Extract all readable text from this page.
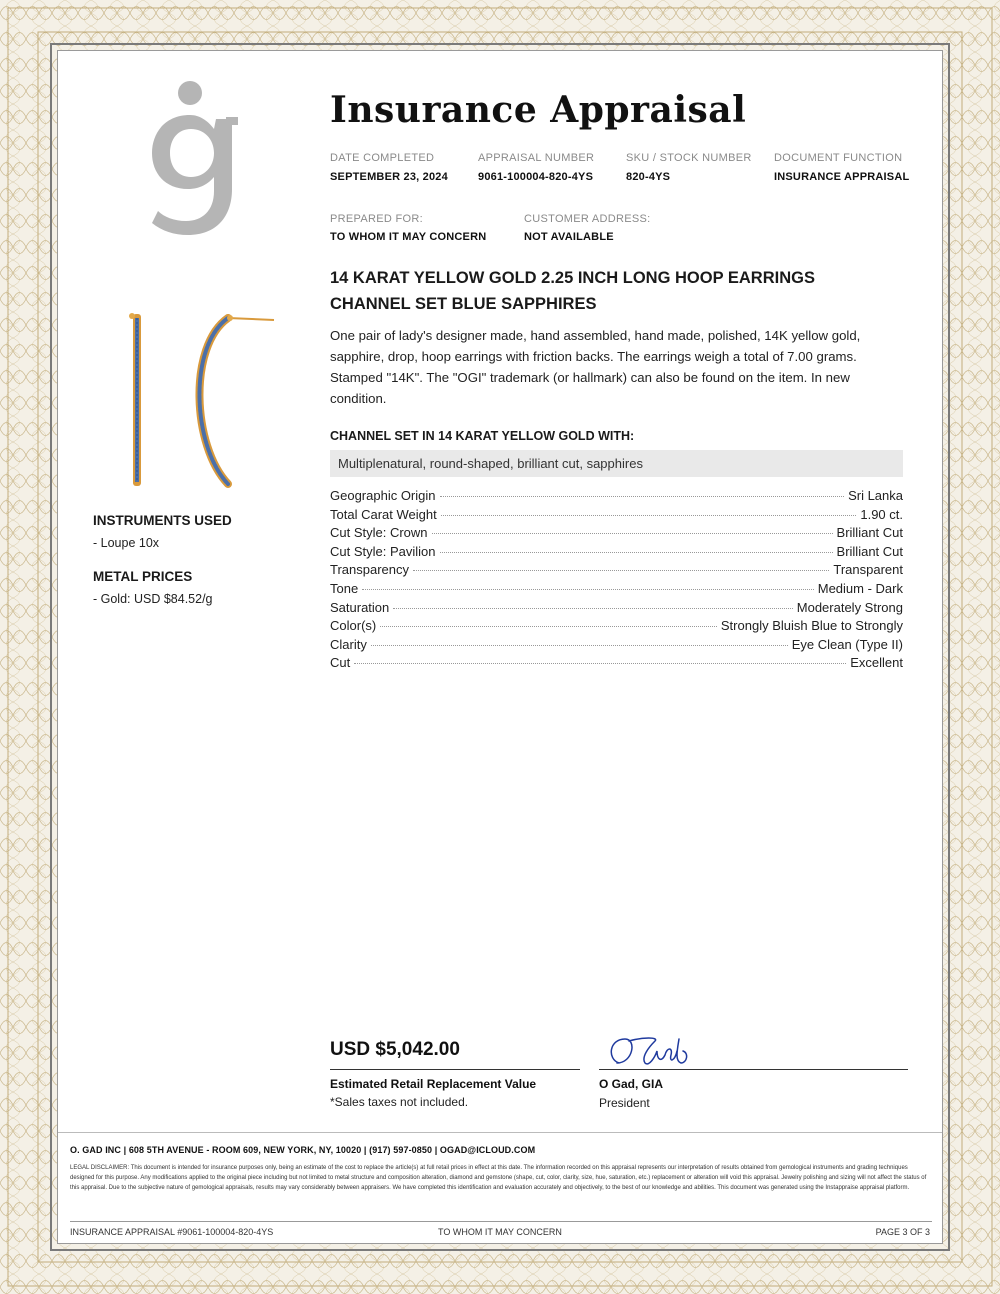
Insurance Appraisal
DATE COMPLETED
SEPTEMBER 23, 2024
APPRAISAL NUMBER
9061-100004-820-4YS
SKU / STOCK NUMBER
820-4YS
DOCUMENT FUNCTION
INSURANCE APPRAISAL
PREPARED FOR:
TO WHOM IT MAY CONCERN
CUSTOMER ADDRESS:
NOT AVAILABLE
14 KARAT YELLOW GOLD 2.25 INCH LONG HOOP EARRINGS
CHANNEL SET BLUE SAPPHIRES
One pair of lady's designer made, hand assembled, hand made, polished, 14K yellow gold, sapphire, drop, hoop earrings with friction backs. The earrings weigh a total of 7.00 grams. Stamped "14K". The "OGI" trademark (or hallmark) can also be found on the item. In new condition.
CHANNEL SET IN 14 KARAT YELLOW GOLD WITH:
Multiplenatural, round-shaped, brilliant cut, sapphires
Geographic Origin	Sri Lanka
Total Carat Weight	1.90 ct.
Cut Style: Crown	Brilliant Cut
Cut Style: Pavilion	Brilliant Cut
Transparency	Transparent
Tone	Medium - Dark
Saturation	Moderately Strong
Color(s)	Strongly Bluish Blue to Strongly
Clarity	Eye Clean (Type II)
Cut	Excellent
INSTRUMENTS USED
- Loupe 10x
METAL PRICES
- Gold: USD $84.52/g
USD $5,042.00
Estimated Retail Replacement Value
*Sales taxes not included.
O Gad, GIA
President
O. GAD INC | 608 5TH AVENUE - ROOM 609, NEW YORK, NY, 10020 | (917) 597-0850 | OGAD@ICLOUD.COM
LEGAL DISCLAIMER: This document is intended for insurance purposes only, being an estimate of the cost to replace the article(s) at full retail prices in effect at this date. The information recorded on this appraisal represents our interpretation of results obtained from gemological instruments and grading techniques designed for this purpose. Any modifications applied to the original piece including but not limited to metal structure and composition alteration, diamond and gemstone (shape, cut, color, clarity, size, hue, saturation, etc.) replacement or alteration will void this appraisal. Jewelry polishing and sizing will not affect the status of this appraisal. Due to the subjective nature of gemological appraisals, results may vary considerably between appraisers. We have completed this identification and evaluation accurately and objectively, to the best of our knowledge and abilities. This document was generated using the Instappraise appraisal platform.
INSURANCE APPRAISAL #9061-100004-820-4YS	TO WHOM IT MAY CONCERN	PAGE 3 OF 3
